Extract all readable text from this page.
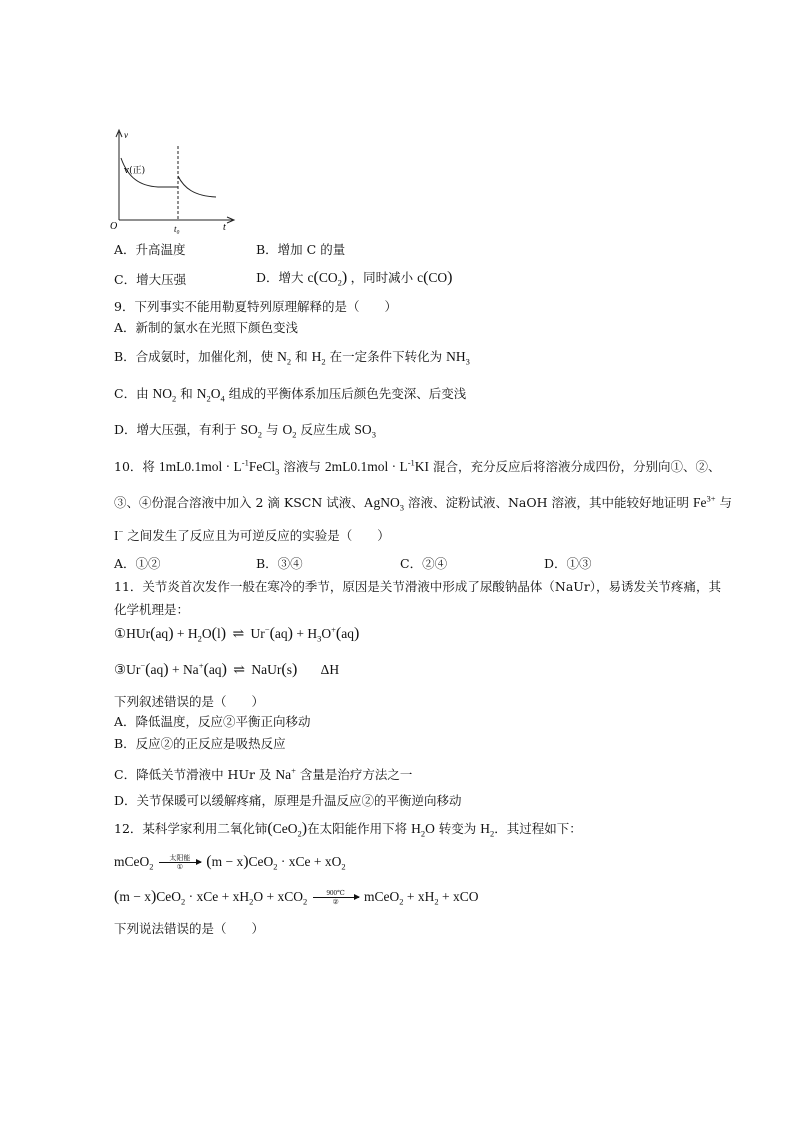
v
v(正)
O	t₀	t
A．升高温度	B．增加 C 的量
C．增大压强	D．增大 $c(CO_2)$ ，同时减小 c(CO)
9．下列事实不能用勒夏特列原理解释的是（　　）
A．新制的氯水在光照下颜色变浅
B．合成氨时，加催化剂，使 $N_2$ 和 $H_2$ 在一定条件下转化为 $NH_3$
C．由 $NO_2$ 和 $N_2O_4$ 组成的平衡体系加压后颜色先变深、后变浅
D．增大压强，有利于 $SO_2$ 与 $O_2$ 反应生成 $SO_3$
10．将 $1mL0.1mol \cdot L^{-1}FeCl_3$ 溶液与 $2mL0.1mol \cdot L^{-1}KI$ 混合，充分反应后将溶液分成四份，分别向①、②、
③、④份混合溶液中加入 2 滴 KSCN 试液、AgNO$_3$ 溶液、淀粉试液、NaOH 溶液，其中能较好地证明 $Fe^{3+}$ 与
I− 之间发生了反应且为可逆反应的实验是（　　）
A．①②	B．③④	C．②④	D．①③
11．关节炎首次发作一般在寒冷的季节，原因是关节滑液中形成了尿酸钠晶体（NaUr），易诱发关节疼痛，其
化学机理是：
①HUr(aq) + $H_2O(l)$ ⇌ $Ur^-(aq) + H_3O^+(aq)$
③Ur−(aq) + Na+(aq) ⇌ NaUr(s) ΔH
下列叙述错误的是（　　）
A．降低温度，反应②平衡正向移动
B．反应②的正反应是吸热反应
C．降低关节滑液中 HUr 及 Na+ 含量是治疗方法之一
D．关节保暖可以缓解疼痛，原理是升温反应②的平衡逆向移动
12．某科学家利用二氧化铈(CeO$_2$)在太阳能作用下将 $H_2O$ 转变为 $H_2$．其过程如下：
mCeO$_2$
太阳能
①	(m − x)CeO$_2$ · xCe + $xO_2$
(m − x)CeO$_2$ · xCe + $xH_2O + xCO_2$
900℃
②	mCeO$_2$ + $xH_2$ + xCO
下列说法错误的是（　　）
